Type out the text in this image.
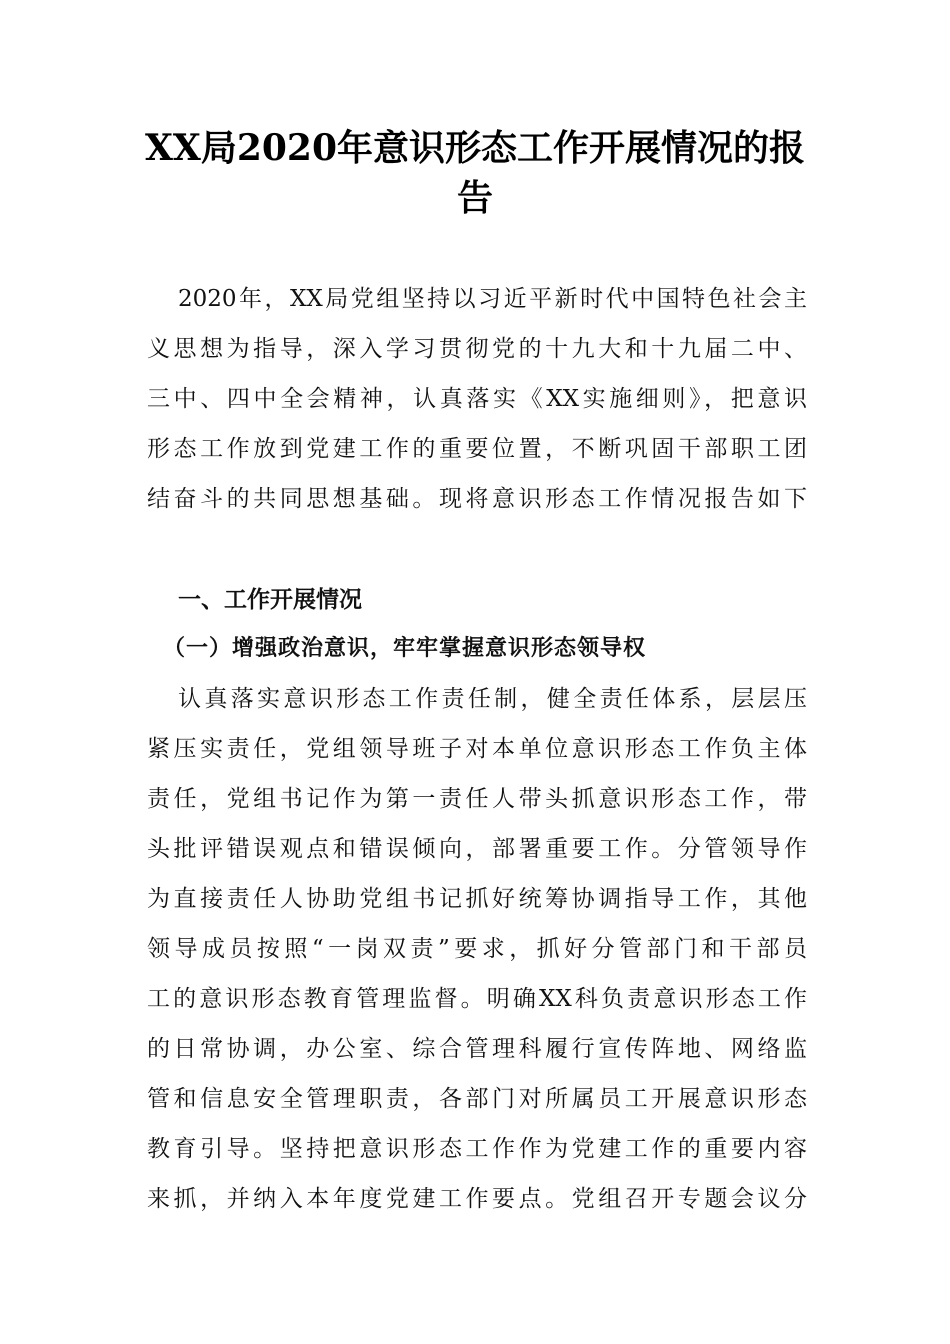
XX局2020年意识形态工作开展情况的报
告

2020年，XX局党组坚持以习近平新时代中国特色社会主

义思想为指导，深入学习贯彻党的十九大和十九届二中、

三中、四中全会精神，认真落实《XX实施细则》，把意识

形态工作放到党建工作的重要位置，不断巩固干部职工团

结奋斗的共同思想基础。现将意识形态工作情况报告如下

一、工作开展情况
（一）增强政治意识，牢牢掌握意识形态领导权

认真落实意识形态工作责任制，健全责任体系，层层压

紧压实责任，党组领导班子对本单位意识形态工作负主体

责任，党组书记作为第一责任人带头抓意识形态工作，带

头批评错误观点和错误倾向，部署重要工作。分管领导作

为直接责任人协助党组书记抓好统筹协调指导工作，其他

领导成员按照“一岗双责”要求，抓好分管部门和干部员

工的意识形态教育管理监督。明确XX科负责意识形态工作

的日常协调，办公室、综合管理科履行宣传阵地、网络监

管和信息安全管理职责，各部门对所属员工开展意识形态

教育引导。坚持把意识形态工作作为党建工作的重要内容

来抓，并纳入本年度党建工作要点。党组召开专题会议分
